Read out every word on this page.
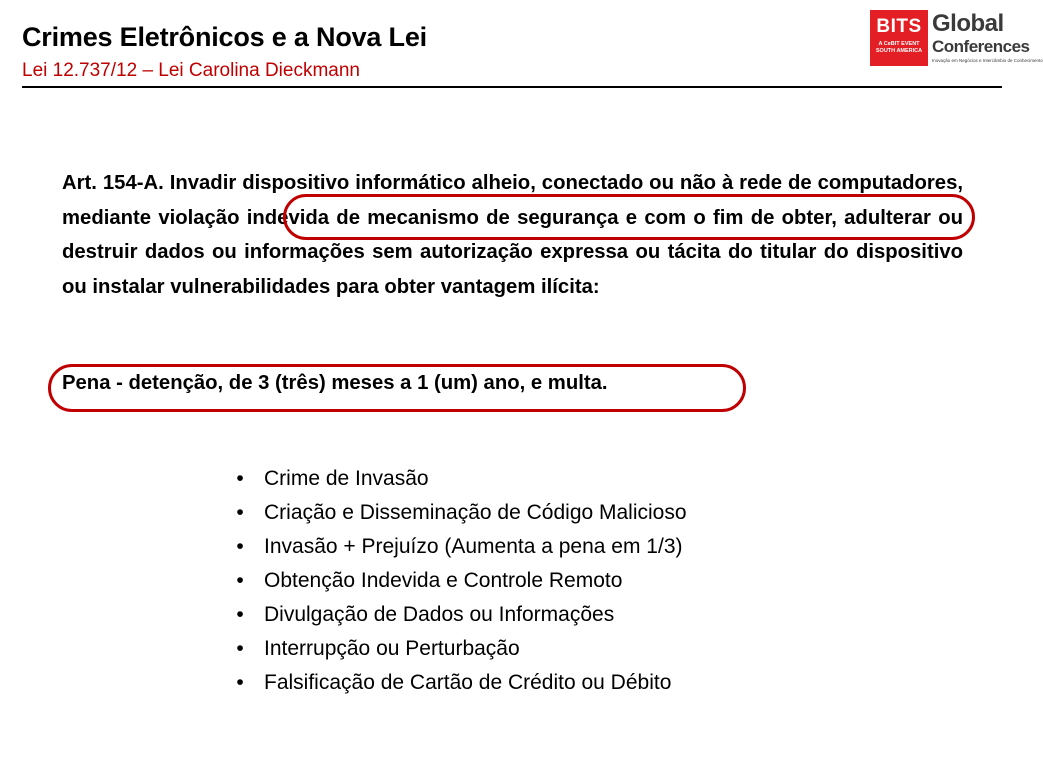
Crimes Eletrônicos e a Nova Lei
Lei 12.737/12 – Lei Carolina Dieckmann
BITS
A CeBIT EVENT
SOUTH AMERICA
Global
Conferences
Inovação em Negócios e Intercâmbio de Conhecimento
Art. 154-A. Invadir dispositivo informático alheio, conectado ou não à rede de computadores, mediante violação indevida de mecanismo de segurança e com o fim de obter, adulterar ou destruir dados ou informações sem autorização expressa ou tácita do titular do dispositivo ou instalar vulnerabilidades para obter vantagem ilícita:
Pena - detenção, de 3 (três) meses a 1 (um) ano, e multa.
• Crime de Invasão
• Criação e Disseminação de Código Malicioso
• Invasão + Prejuízo (Aumenta a pena em 1/3)
• Obtenção Indevida e Controle Remoto
• Divulgação de Dados ou Informações
• Interrupção ou Perturbação
• Falsificação de Cartão de Crédito ou Débito
